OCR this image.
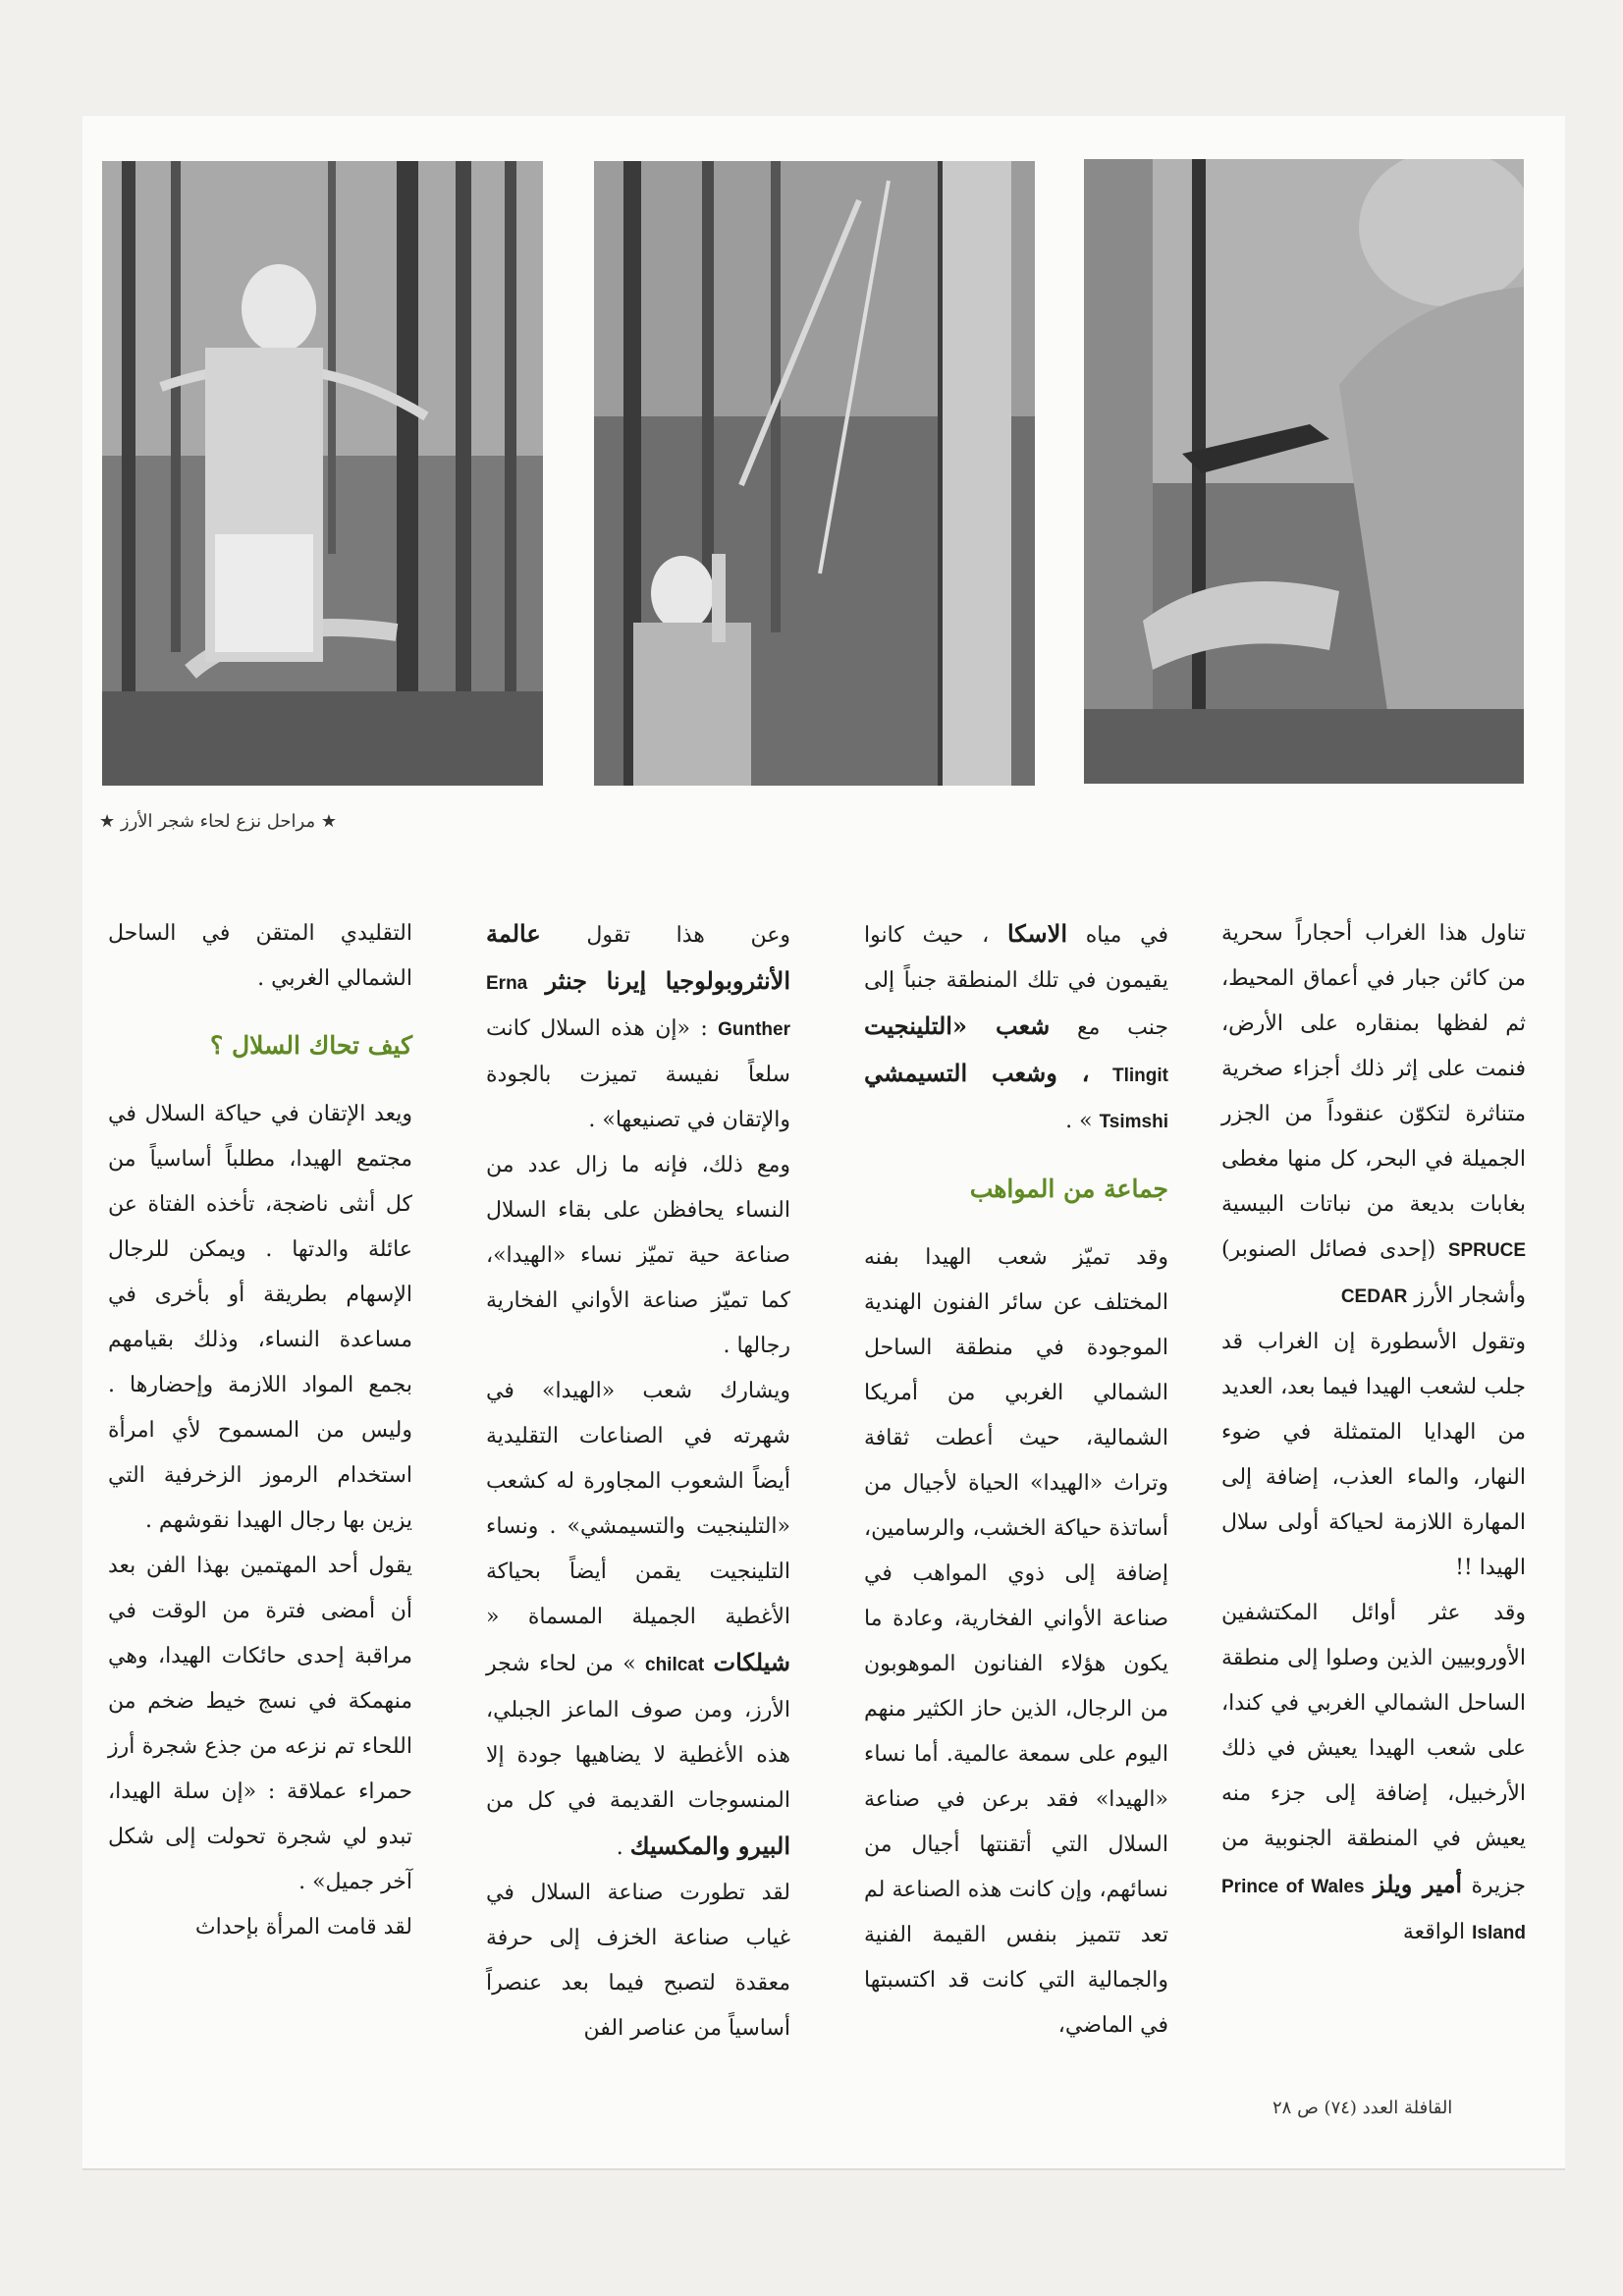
★ مراحل نزع لحاء شجر الأرز ★

تناول هذا الغراب أحجاراً سحرية من كائن جبار في أعماق المحيط، ثم لفظها بمنقاره على الأرض، فنمت على إثر ذلك أجزاء صخرية متناثرة لتكوّن عنقوداً من الجزر الجميلة في البحر، كل منها مغطى بغابات بديعة من نباتات البيسية SPRUCE (إحدى فصائل الصنوبر) وأشجار الأرز CEDAR

وتقول الأسطورة إن الغراب قد جلب لشعب الهيدا فيما بعد، العديد من الهدايا المتمثلة في ضوء النهار، والماء العذب، إضافة إلى المهارة اللازمة لحياكة أولى سلال الهيدا !!

وقد عثر أوائل المكتشفين الأوروبيين الذين وصلوا إلى منطقة الساحل الشمالي الغربي في كندا، على شعب الهيدا يعيش في ذلك الأرخبيل، إضافة إلى جزء منه يعيش في المنطقة الجنوبية من جزيرة أمير ويلز Prince of Wales Island الواقعة

في مياه الاسكا ، حيث كانوا يقيمون في تلك المنطقة جنباً إلى جنب مع شعب «التلينجيت Tlingit ، وشعب التسيمشي Tsimshi » .

جماعة من المواهب

وقد تميّز شعب الهيدا بفنه المختلف عن سائر الفنون الهندية الموجودة في منطقة الساحل الشمالي الغربي من أمريكا الشمالية، حيث أعطت ثقافة وتراث «الهيدا» الحياة لأجيال من أساتذة حياكة الخشب، والرسامين، إضافة إلى ذوي المواهب في صناعة الأواني الفخارية، وعادة ما يكون هؤلاء الفنانون الموهوبون من الرجال، الذين حاز الكثير منهم اليوم على سمعة عالمية. أما نساء «الهيدا» فقد برعن في صناعة السلال التي أتقنتها أجيال من نسائهم، وإن كانت هذه الصناعة لم تعد تتميز بنفس القيمة الفنية والجمالية التي كانت قد اكتسبتها في الماضي،

وعن هذا تقول عالمة الأنثروبولوجيا إيرنا جنثر Erna Gunther : «إن هذه السلال كانت سلعاً نفيسة تميزت بالجودة والإتقان في تصنيعها» .

ومع ذلك، فإنه ما زال عدد من النساء يحافظن على بقاء السلال صناعة حية تميّز نساء «الهيدا»، كما تميّز صناعة الأواني الفخارية رجالها .

ويشارك شعب «الهيدا» في شهرته في الصناعات التقليدية أيضاً الشعوب المجاورة له كشعب «التلينجيت والتسيمشي» . ونساء التلينجيت يقمن أيضاً بحياكة الأغطية الجميلة المسماة « شيلكات chilcat » من لحاء شجر الأرز، ومن صوف الماعز الجبلي، هذه الأغطية لا يضاهيها جودة إلا المنسوجات القديمة في كل من البيرو والمكسيك .

لقد تطورت صناعة السلال في غياب صناعة الخزف إلى حرفة معقدة لتصبح فيما بعد عنصراً أساسياً من عناصر الفن

التقليدي المتقن في الساحل الشمالي الغربي .

كيف تحاك السلال ؟

ويعد الإتقان في حياكة السلال في مجتمع الهيدا، مطلباً أساسياً من كل أنثى ناضجة، تأخذه الفتاة عن عائلة والدتها . ويمكن للرجال الإسهام بطريقة أو بأخرى في مساعدة النساء، وذلك بقيامهم بجمع المواد اللازمة وإحضارها . وليس من المسموح لأي امرأة استخدام الرموز الزخرفية التي يزين بها رجال الهيدا نقوشهم .

يقول أحد المهتمين بهذا الفن بعد أن أمضى فترة من الوقت في مراقبة إحدى حائكات الهيدا، وهي منهمكة في نسج خيط ضخم من اللحاء تم نزعه من جذع شجرة أرز حمراء عملاقة : «إن سلة الهيدا، تبدو لي شجرة تحولت إلى شكل آخر جميل» .

لقد قامت المرأة بإحداث

القافلة العدد (٧٤) ص ٢٨
